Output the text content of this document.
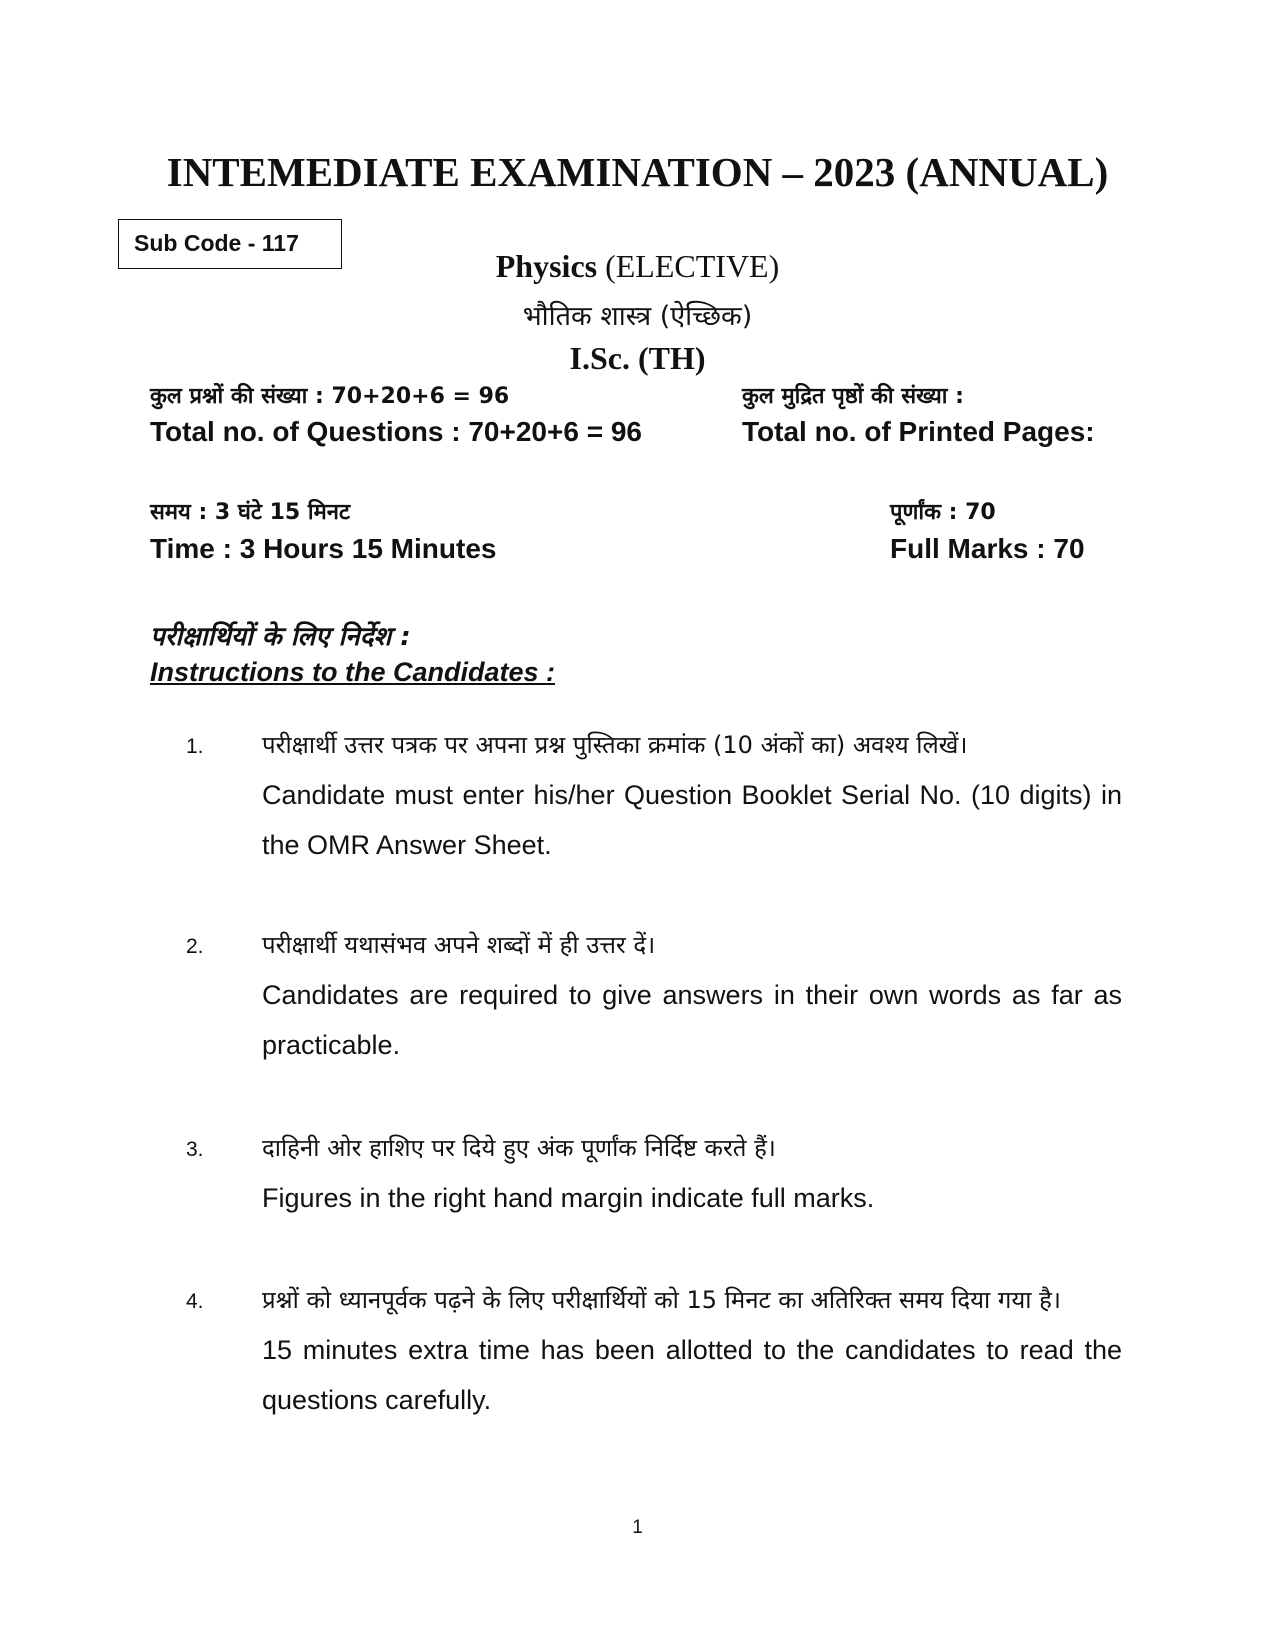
INTEMEDIATE EXAMINATION – 2023 (ANNUAL)
Sub Code - 117
Physics (ELECTIVE)
भौतिक शास्त्र (ऐच्छिक)
I.Sc. (TH)
कुल प्रश्नों की संख्या : 70+20+6 = 96
Total no. of Questions : 70+20+6 = 96
कुल मुद्रित पृष्ठों की संख्या :
Total no. of Printed Pages:
समय : 3 घंटे 15 मिनट
Time : 3 Hours 15 Minutes
पूर्णांक : 70
Full Marks : 70
परीक्षार्थियों के लिए निर्देश :
Instructions to the Candidates :
1. परीक्षार्थी उत्तर पत्रक पर अपना प्रश्न पुस्तिका क्रमांक (10 अंकों का) अवश्य लिखें।
Candidate must enter his/her Question Booklet Serial No. (10 digits) in the OMR Answer Sheet.
2. परीक्षार्थी यथासंभव अपने शब्दों में ही उत्तर दें।
Candidates are required to give answers in their own words as far as practicable.
3. दाहिनी ओर हाशिए पर दिये हुए अंक पूर्णांक निर्दिष्ट करते हैं।
Figures in the right hand margin indicate full marks.
4. प्रश्नों को ध्यानपूर्वक पढ़ने के लिए परीक्षार्थियों को 15 मिनट का अतिरिक्त समय दिया गया है।
15 minutes extra time has been allotted to the candidates to read the questions carefully.
1
